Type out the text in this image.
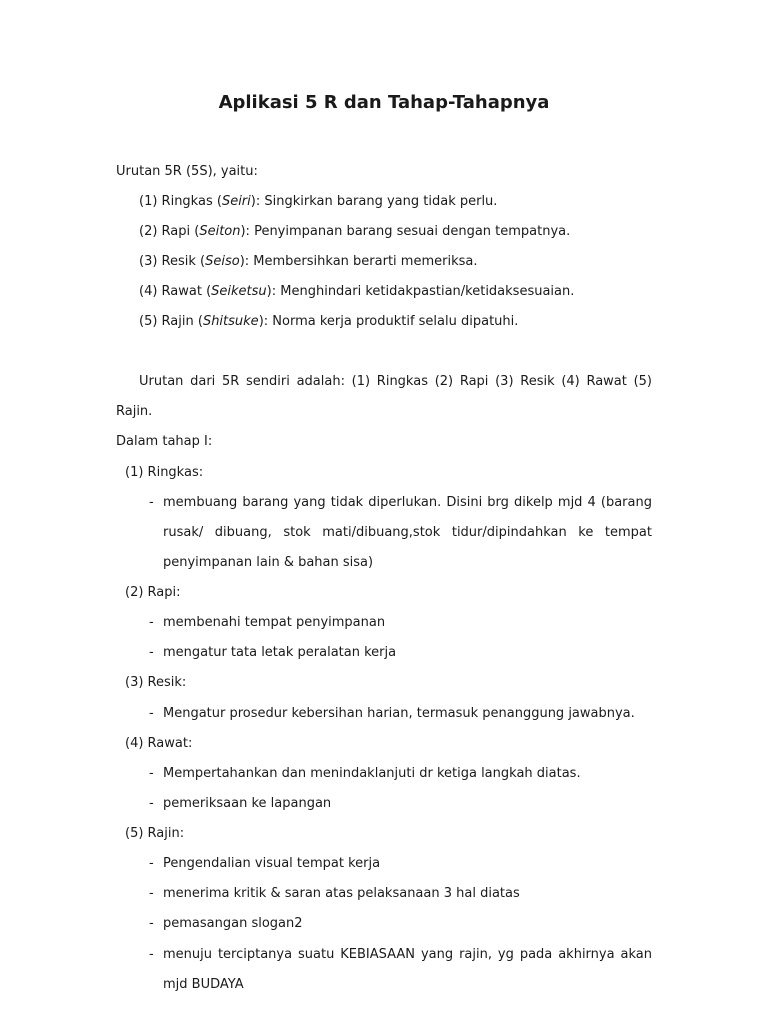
Aplikasi 5 R dan Tahap-Tahapnya
Urutan 5R (5S), yaitu:
(1) Ringkas (Seiri): Singkirkan barang yang tidak perlu.
(2) Rapi (Seiton): Penyimpanan barang sesuai dengan tempatnya.
(3) Resik (Seiso): Membersihkan berarti memeriksa.
(4) Rawat (Seiketsu): Menghindari ketidakpastian/ketidaksesuaian.
(5) Rajin (Shitsuke): Norma kerja produktif selalu dipatuhi.
Urutan dari 5R sendiri adalah: (1) Ringkas (2) Rapi (3) Resik (4) Rawat (5)
Rajin.
Dalam tahap I:
(1) Ringkas:
- membuang barang yang tidak diperlukan. Disini brg dikelp mjd 4 (barang
rusak/ dibuang, stok mati/dibuang,stok tidur/dipindahkan ke tempat
penyimpanan lain & bahan sisa)
(2) Rapi:
- membenahi tempat penyimpanan
- mengatur tata letak peralatan kerja
(3) Resik:
- Mengatur prosedur kebersihan harian, termasuk penanggung jawabnya.
(4) Rawat:
- Mempertahankan dan menindaklanjuti dr ketiga langkah diatas.
- pemeriksaan ke lapangan
(5) Rajin:
- Pengendalian visual tempat kerja
- menerima kritik & saran atas pelaksanaan 3 hal diatas
- pemasangan slogan2
- menuju terciptanya suatu KEBIASAAN yang rajin, yg pada akhirnya akan
mjd BUDAYA
